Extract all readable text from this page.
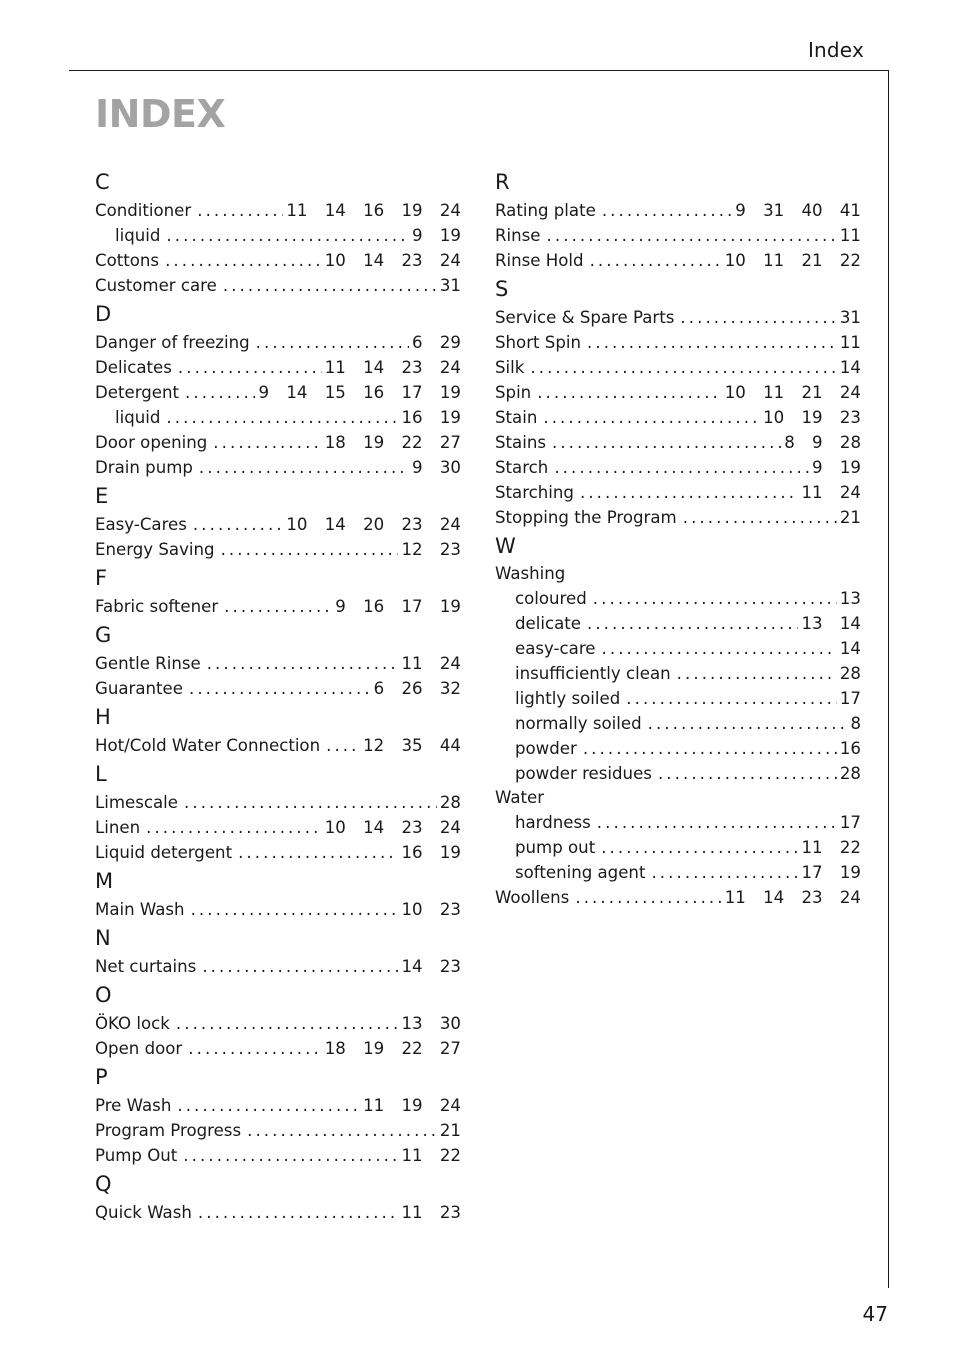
Index
INDEX
C
Conditioner . . .	11 14 16 19 24
liquid . . .	9 19
Cottons . . .	10 14 23 24
Customer care . . .	31
D
Danger of freezing . . .	6 29
Delicates . . .	11 14 23 24
Detergent . . .	9 14 15 16 17 19
liquid . . .	16 19
Door opening . . .	18 19 22 27
Drain pump . . .	9 30
E
Easy-Cares . . .	10 14 20 23 24
Energy Saving . . .	12 23
F
Fabric softener . . .	9 16 17 19
G
Gentle Rinse . . .	11 24
Guarantee . . .	6 26 32
H
Hot/Cold Water Connection . . .	12 35 44
L
Limescale . . .	28
Linen . . .	10 14 23 24
Liquid detergent . . .	16 19
M
Main Wash . . .	10 23
N
Net curtains . . .	14 23
O
ÖKO lock . . .	13 30
Open door . . .	18 19 22 27
P
Pre Wash . . .	11 19 24
Program Progress . . .	21
Pump Out . . .	11 22
Q
Quick Wash . . .	11 23
R
Rating plate . . .	9 31 40 41
Rinse . . .	11
Rinse Hold . . .	10 11 21 22
S
Service & Spare Parts . . .	31
Short Spin . . .	11
Silk . . .	14
Spin . . .	10 11 21 24
Stain . . .	10 19 23
Stains . . .	8 9 28
Starch . . .	9 19
Starching . . .	11 24
Stopping the Program . . .	21
W
Washing
coloured . . .	13
delicate . . .	13 14
easy-care . . .	14
insufficiently clean . . .	28
lightly soiled . . .	17
normally soiled . . .	8
powder . . .	16
powder residues . . .	28
Water
hardness . . .	17
pump out . . .	11 22
softening agent . . .	17 19
Woollens . . .	11 14 23 24
47
